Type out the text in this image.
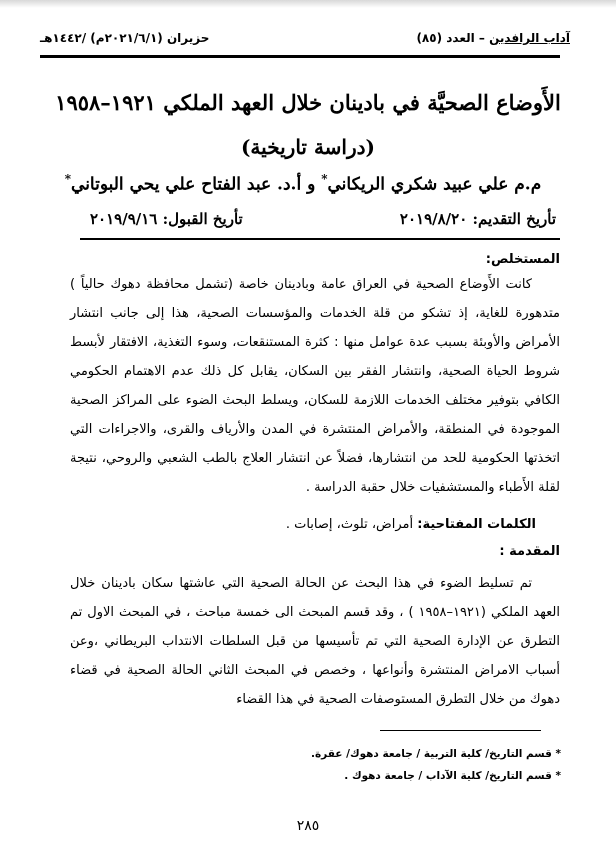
آداب الرافدين – العدد (٨٥)
حزيران (٢٠٢١/٦/١م) /١٤٤٢هـ
الأَوضاع الصحيَّة في بادينان خلال العهد الملكي ١٩٢١–١٩٥٨
(دراسة تاريخية)
م.م علي عبيد شكري الريكاني* و أ.د. عبد الفتاح علي يحي البوتاني*
تأريخ التقديم: ٢٠١٩/٨/٢٠
تأريخ القبول: ٢٠١٩/٩/١٦
المستخلص:
كانت الأَوضاع الصحية في العراق عامة وبادينان خاصة (تشمل محافظة دهوك حالياً ) متدهورة للغاية، إذ تشكو من قلة الخدمات والمؤسسات الصحية، هذا إلى جانب انتشار الأمراض والأوبئة بسبب عدة عوامل منها : كثرة المستنقعات، وسوء التغذية، الافتقار لأبسط شروط الحياة الصحية، وانتشار الفقر بين السكان، يقابل كل ذلك عدم الاهتمام الحكومي الكافي بتوفير مختلف الخدمات اللازمة للسكان، ويسلط البحث الضوء على المراكز الصحية الموجودة في المنطقة، والأمراض المنتشرة في المدن والأرياف والقرى، والاجراءات التي اتخذتها الحكومية للحد من انتشارها، فضلاً عن انتشار العلاج بالطب الشعبي والروحي، نتيجة لقلة الأَطباء والمستشفيات خلال حقبة الدراسة .
الكلمات المفتاحية: أمراض، تلوث، إصابات .
المقدمة :
تم تسليط الضوء في هذا البحث عن الحالة الصحية التي عاشتها سكان بادينان خلال العهد الملكي (١٩٢١–١٩٥٨ ) ، وقد قسم المبحث الى خمسة مباحث ، في المبحث الاول تم التطرق عن الإدارة الصحية التي تم تأسيسها من قبل السلطات الانتداب البريطاني ،وعن أسباب الامراض المنتشرة وأنواعها ، وخصص في المبحث الثاني الحالة الصحية في قضاء دهوك من خلال التطرق المستوصفات الصحية في هذا القضاء
* قسم التاريخ/ كلية التربية / جامعة دهوك/ عقرة.
* قسم التاريخ/ كلية الآداب / جامعة دهوك .
٢٨٥
